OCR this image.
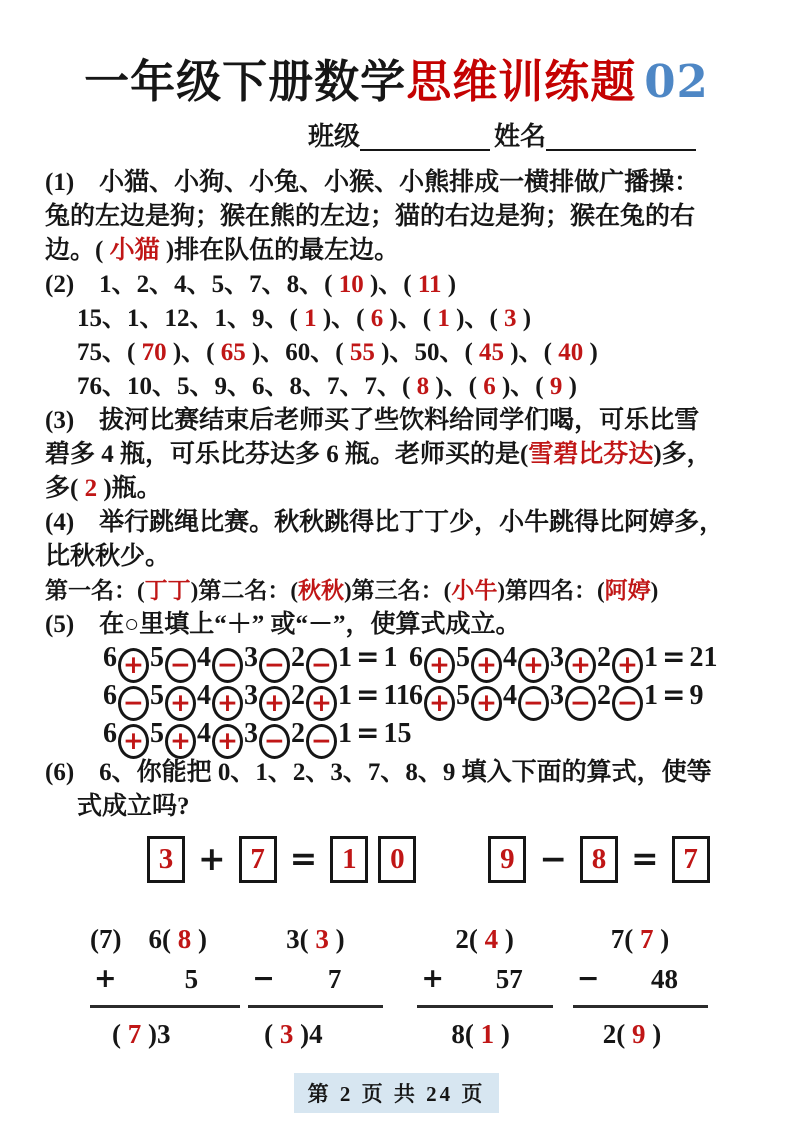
一年级下册数学思维训练题 02
班级	姓名

(1)　小猫、小狗、小兔、小猴、小熊排成一横排做广播操：

兔的左边是狗；猴在熊的左边；猫的右边是狗；猴在兔的右

边。( 小猫 )排在队伍的最左边。

(2)　1、2、4、5、7、8、( 10 )、( 11 )

15、1、12、1、9、( 1 )、( 6 )、( 1 )、( 3 )

75、( 70 )、( 65 )、60、( 55 )、50、( 45 )、( 40 )

76、10、5、9、6、8、7、7、( 8 )、( 6 )、( 9 )

(3)　拔河比赛结束后老师买了些饮料给同学们喝，可乐比雪

碧多 4 瓶，可乐比芬达多 6 瓶。老师买的是(雪碧比芬达)多，

多( 2 )瓶。

(4)　举行跳绳比赛。秋秋跳得比丁丁少，小牛跳得比阿婷多，

比秋秋少。

第一名：(丁丁)第二名：(秋秋)第三名：(小牛)第四名：(阿婷)

(5)　在○里填上“＋” 或“－”，使算式成立。

6 + 5 − 4 − 3 − 2 − 1 = 1 6 + 5 + 4 + 3 + 2 + 1 = 21
6 − 5 + 4 + 3 + 2 + 1 = 11 6 + 5 + 4 − 3 − 2 − 1 = 9
6 + 5 + 4 + 3 − 2 − 1 = 15

(6)　6、你能把 0、1、2、3、7、8、9 填入下面的算式，使等

式成立吗?

3 + 7 = 1	0	9 − 8 = 7
(7)　6( 8 )
+	5
( 7 )3
3( 3 )
− 7
( 3 )4
2( 4 )
+ 57
8( 1 )
7( 7 )
− 48
2( 9 )
第 2 页 共 24 页
